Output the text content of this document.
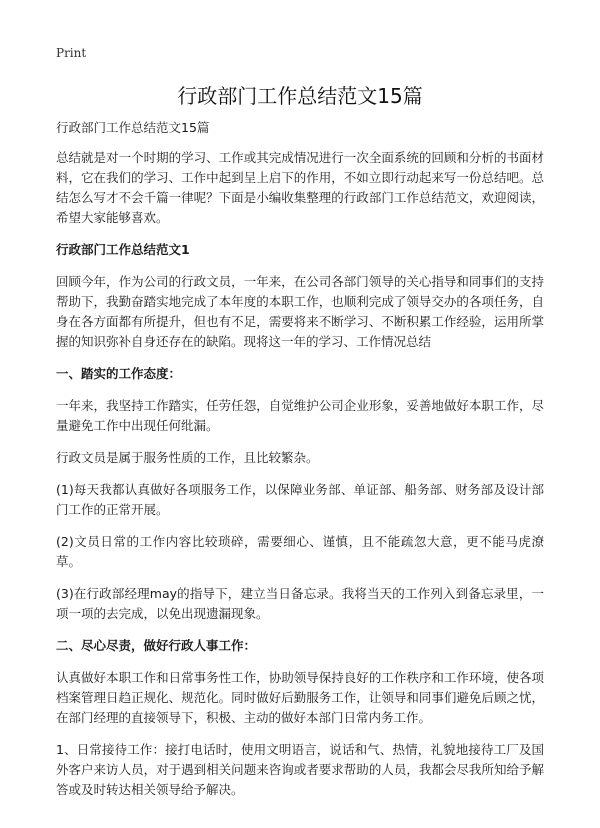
Print
行政部门工作总结范文15篇

行政部门工作总结范文15篇

总结就是对一个时期的学习、工作或其完成情况进行一次全面系统的回顾和分析的书面材料，它在我们的学习、工作中起到呈上启下的作用，不如立即行动起来写一份总结吧。总结怎么写才不会千篇一律呢？下面是小编收集整理的行政部门工作总结范文，欢迎阅读，希望大家能够喜欢。

行政部门工作总结范文1

回顾今年，作为公司的行政文员，一年来，在公司各部门领导的关心指导和同事们的支持帮助下，我勤奋踏实地完成了本年度的本职工作，也顺利完成了领导交办的各项任务，自身在各方面都有所提升，但也有不足，需要将来不断学习、不断积累工作经验，运用所掌握的知识弥补自身还存在的缺陷。现将这一年的学习、工作情况总结

一、踏实的工作态度：

一年来，我坚持工作踏实，任劳任怨，自觉维护公司企业形象，妥善地做好本职工作，尽量避免工作中出现任何纰漏。

行政文员是属于服务性质的工作，且比较繁杂。

(1)每天我都认真做好各项服务工作，以保障业务部、单证部、船务部、财务部及设计部门工作的正常开展。

(2)文员日常的工作内容比较琐碎，需要细心、谨慎，且不能疏忽大意，更不能马虎潦草。

(3)在行政部经理may的指导下，建立当日备忘录。我将当天的工作列入到备忘录里，一项一项的去完成，以免出现遗漏现象。

二、尽心尽责，做好行政人事工作：

认真做好本职工作和日常事务性工作，协助领导保持良好的工作秩序和工作环境，使各项档案管理日趋正规化、规范化。同时做好后勤服务工作，让领导和同事们避免后顾之忧，在部门经理的直接领导下，积极、主动的做好本部门日常内务工作。

1、日常接待工作：接打电话时，使用文明语言，说话和气、热情，礼貌地接待工厂及国外客户来访人员，对于遇到相关问题来咨询或者要求帮助的人员，我都会尽我所知给予解答或及时转达相关领导给予解决。
